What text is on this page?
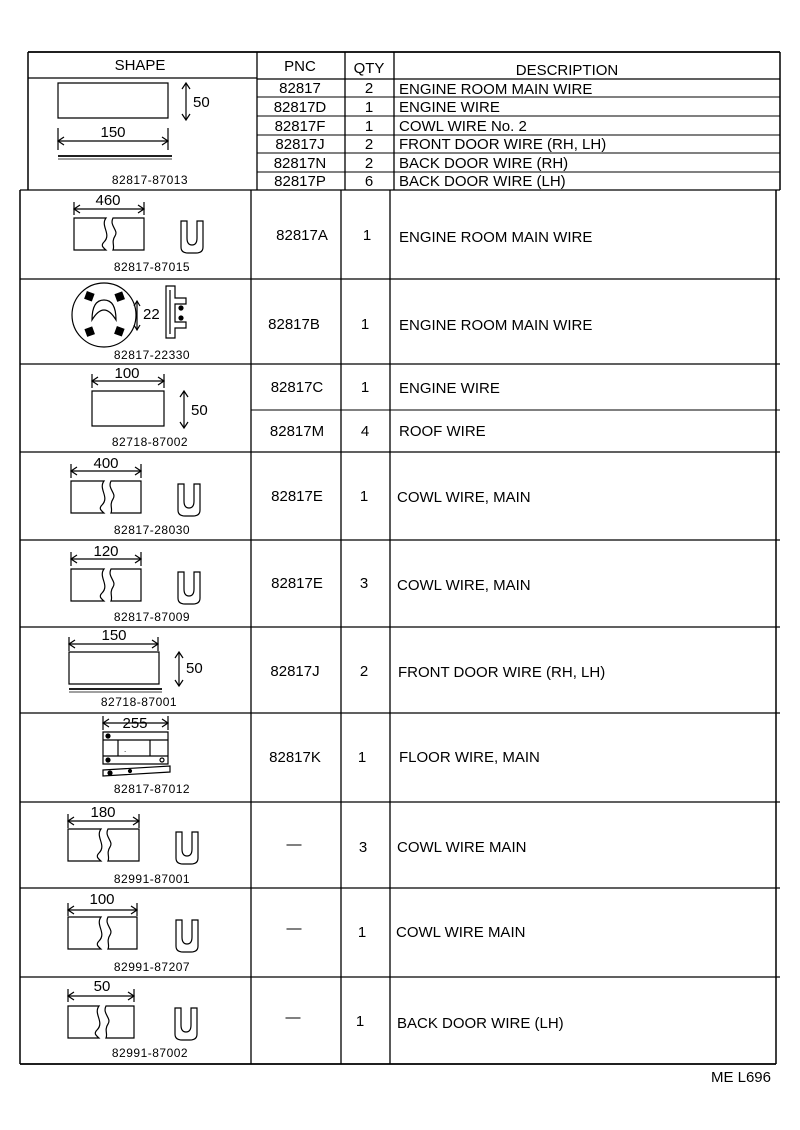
SHAPE	PNC	QTY	DESCRIPTION
50
150
82817-87013
82817	2 ENGINE ROOM MAIN WIRE
82817D	1 ENGINE WIRE
82817F	1 COWL WIRE No. 2
82817J	2 FRONT DOOR WIRE (RH, LH)
82817N	2 BACK DOOR WIRE (RH)
82817P	6 BACK DOOR WIRE (LH)
460
82817-87015
82817A 1 ENGINE ROOM MAIN WIRE
22
82817-22330
82817B	1 ENGINE ROOM MAIN WIRE
100
50
82718-87002
82817C	1 ENGINE WIRE
82817M 4 ROOF WIRE
400
82817-28030
82817E 1 COWL WIRE, MAIN
120
82817-87009
82817E 3 COWL WIRE, MAIN
150
50
82718-87001
82817J	2 FRONT DOOR WIRE (RH, LH)
.
255
82817-87012
82817K 1 FLOOR WIRE, MAIN
180
82991-87001
—	3 COWL WIRE MAIN
100
82991-87207
—	1 COWL WIRE MAIN
50
82991-87002
—	1 BACK DOOR WIRE (LH)
ME L696
